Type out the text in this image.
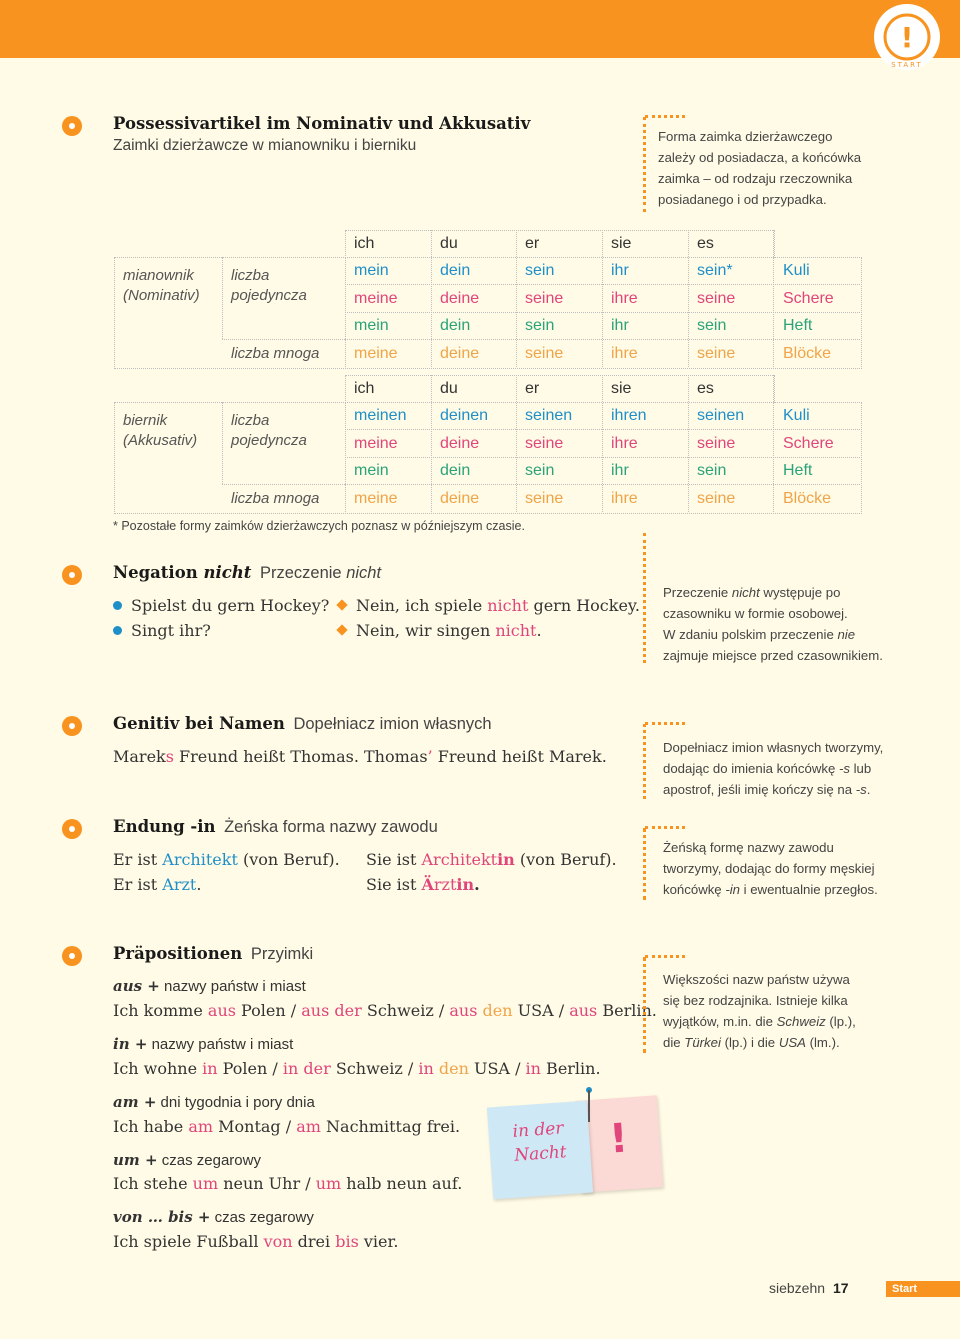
!
START
Possessivartikel im Nominativ und Akkusativ
Zaimki dzierżawcze w mianowniku i bierniku
Forma zaimka dzierżawczego
zależy od posiadacza, a końcówka
zaimka – od rodzaju rzeczownika
posiadanego i od przypadka.
ich	du	er	sie	es
mianownik
(Nominativ)
liczba
pojedyncza
liczba mnoga
mein	dein	sein	ihr	sein*	Kuli
meine	deine	seine	ihre	seine	Schere
mein	dein	sein	ihr	sein	Heft
meine	deine	seine	ihre	seine	Blöcke
ich	du	er	sie	es
biernik
(Akkusativ)
liczba
pojedyncza
liczba mnoga
meinen deinen seinen ihren	seinen Kuli
meine	deine	seine	ihre	seine	Schere
mein	dein	sein	ihr	sein	Heft
meine	deine	seine	ihre	seine	Blöcke
* Pozostałe formy zaimków dzierżawczych poznasz w późniejszym czasie.
Negation nicht Przeczenie nicht
Spielst du gern Hockey?
Singt ihr?
Nein, ich spiele nicht gern Hockey.
Nein, wir singen nicht.
Przeczenie nicht występuje po
czasowniku w formie osobowej.
W zdaniu polskim przeczenie nie
zajmuje miejsce przed czasownikiem.
Genitiv bei Namen Dopełniacz imion własnych
Mareks Freund heißt Thomas. Thomas’ Freund heißt Marek.	Dopełniacz imion własnych tworzymy,
dodając do imienia końcówkę -s lub
apostrof, jeśli imię kończy się na -s.
Endung -in Żeńska forma nazwy zawodu
Er ist Architekt (von Beruf).
Er ist Arzt.
Sie ist Architektin (von Beruf).
Sie ist Ärztin.
Żeńską formę nazwy zawodu
tworzymy, dodając do formy męskiej
końcówkę -in i ewentualnie przegłos.
Präpositionen Przyimki
aus + nazwy państw i miast
Ich komme aus Polen / aus der Schweiz / aus den USA / aus Berlin.
in + nazwy państw i miast
Ich wohne in Polen / in der Schweiz / in den USA / in Berlin.
am + dni tygodnia i pory dnia
Ich habe am Montag / am Nachmittag frei.
um + czas zegarowy
Ich stehe um neun Uhr / um halb neun auf.
von … bis + czas zegarowy
Ich spiele Fußball von drei bis vier.
Większości nazw państw używa
się bez rodzajnika. Istnieje kilka
wyjątków, m.in. die Schweiz (lp.),
die Türkei (lp.) i die USA (lm.).
!
in der
Nacht
siebzehn 17	Start
